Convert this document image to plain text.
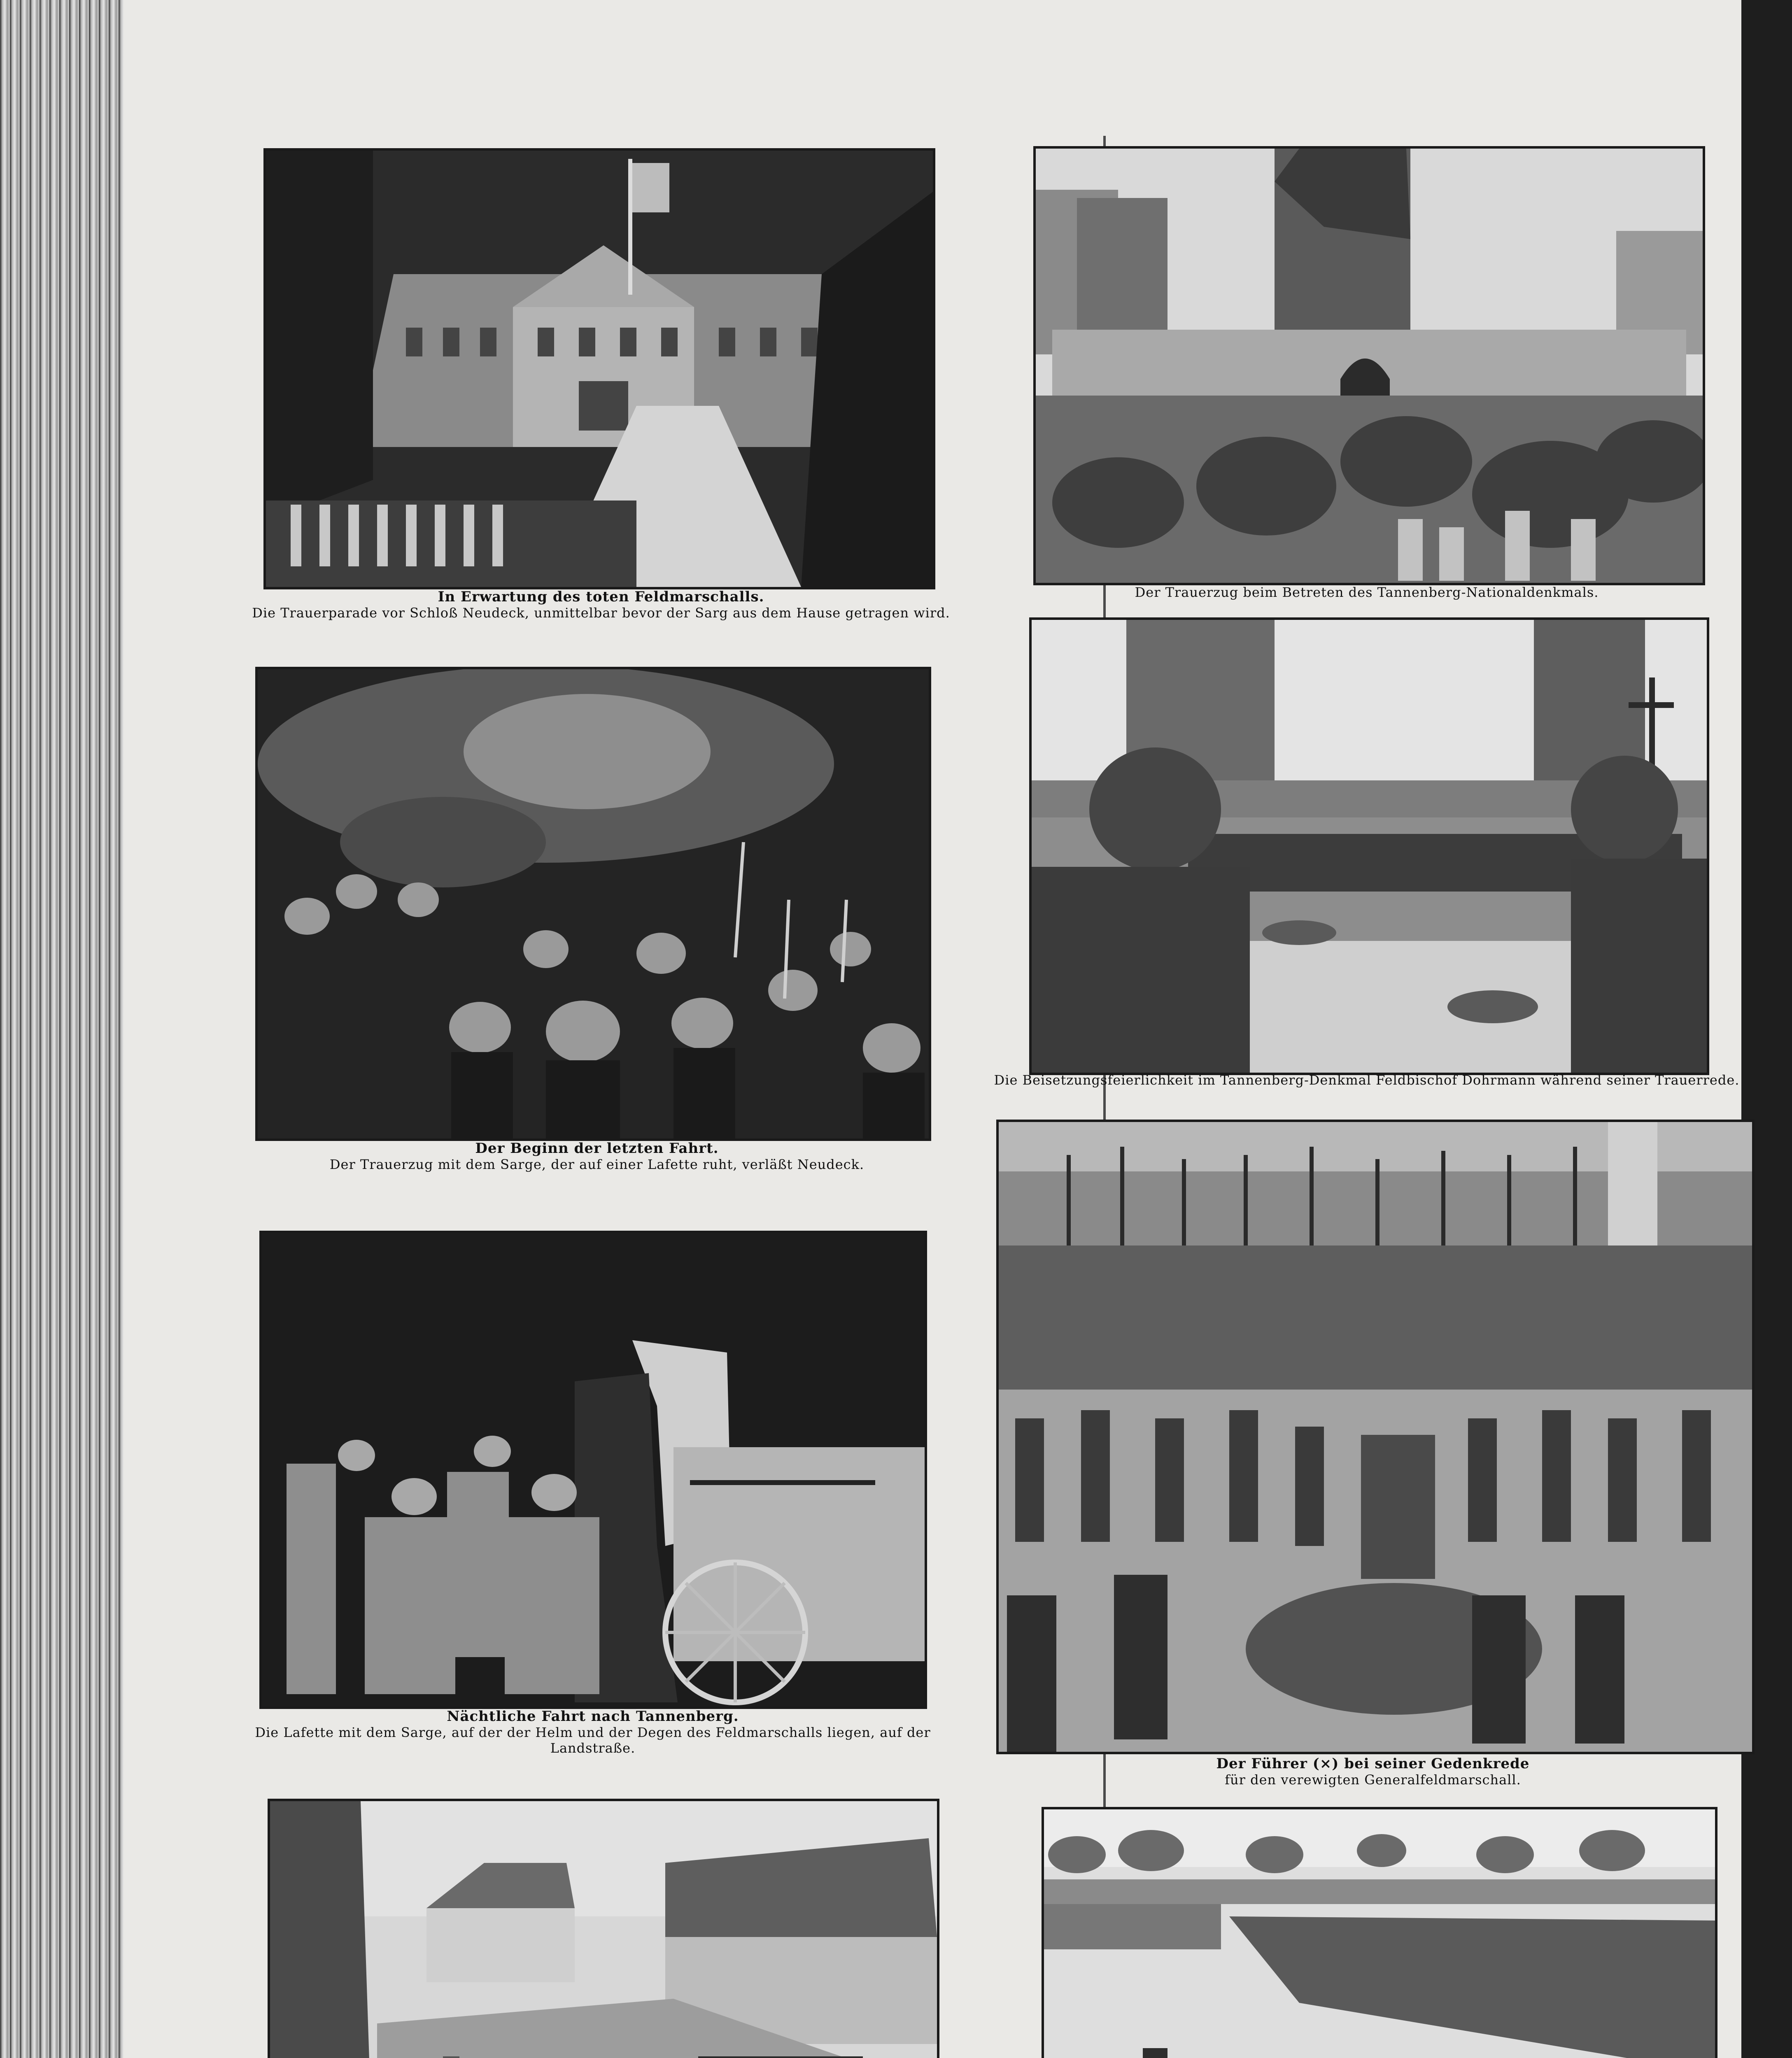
In Erwartung des toten Feldmarschalls.
Die Trauerparade vor Schloß Neudeck, unmittelbar bevor der Sarg aus dem Hause getragen wird.
Der Beginn der letzten Fahrt.
Der Trauerzug mit dem Sarge, der auf einer Lafette ruht, verläßt Neudeck.
Nächtliche Fahrt nach Tannenberg.
Die Lafette mit dem Sarge, auf der der Helm und der Degen des Feldmarschalls liegen, auf der Landstraße.
Der Trauerzug beim Betreten des Tannenberg-Nationaldenkmals.
Die Beisetzungsfeierlichkeit im Tannenberg-Denkmal Feldbischof Dohrmann während seiner Trauerrede.
Der Führer (×) bei seiner Gedenkrede
für den verewigten Generalfeldmarschall.
